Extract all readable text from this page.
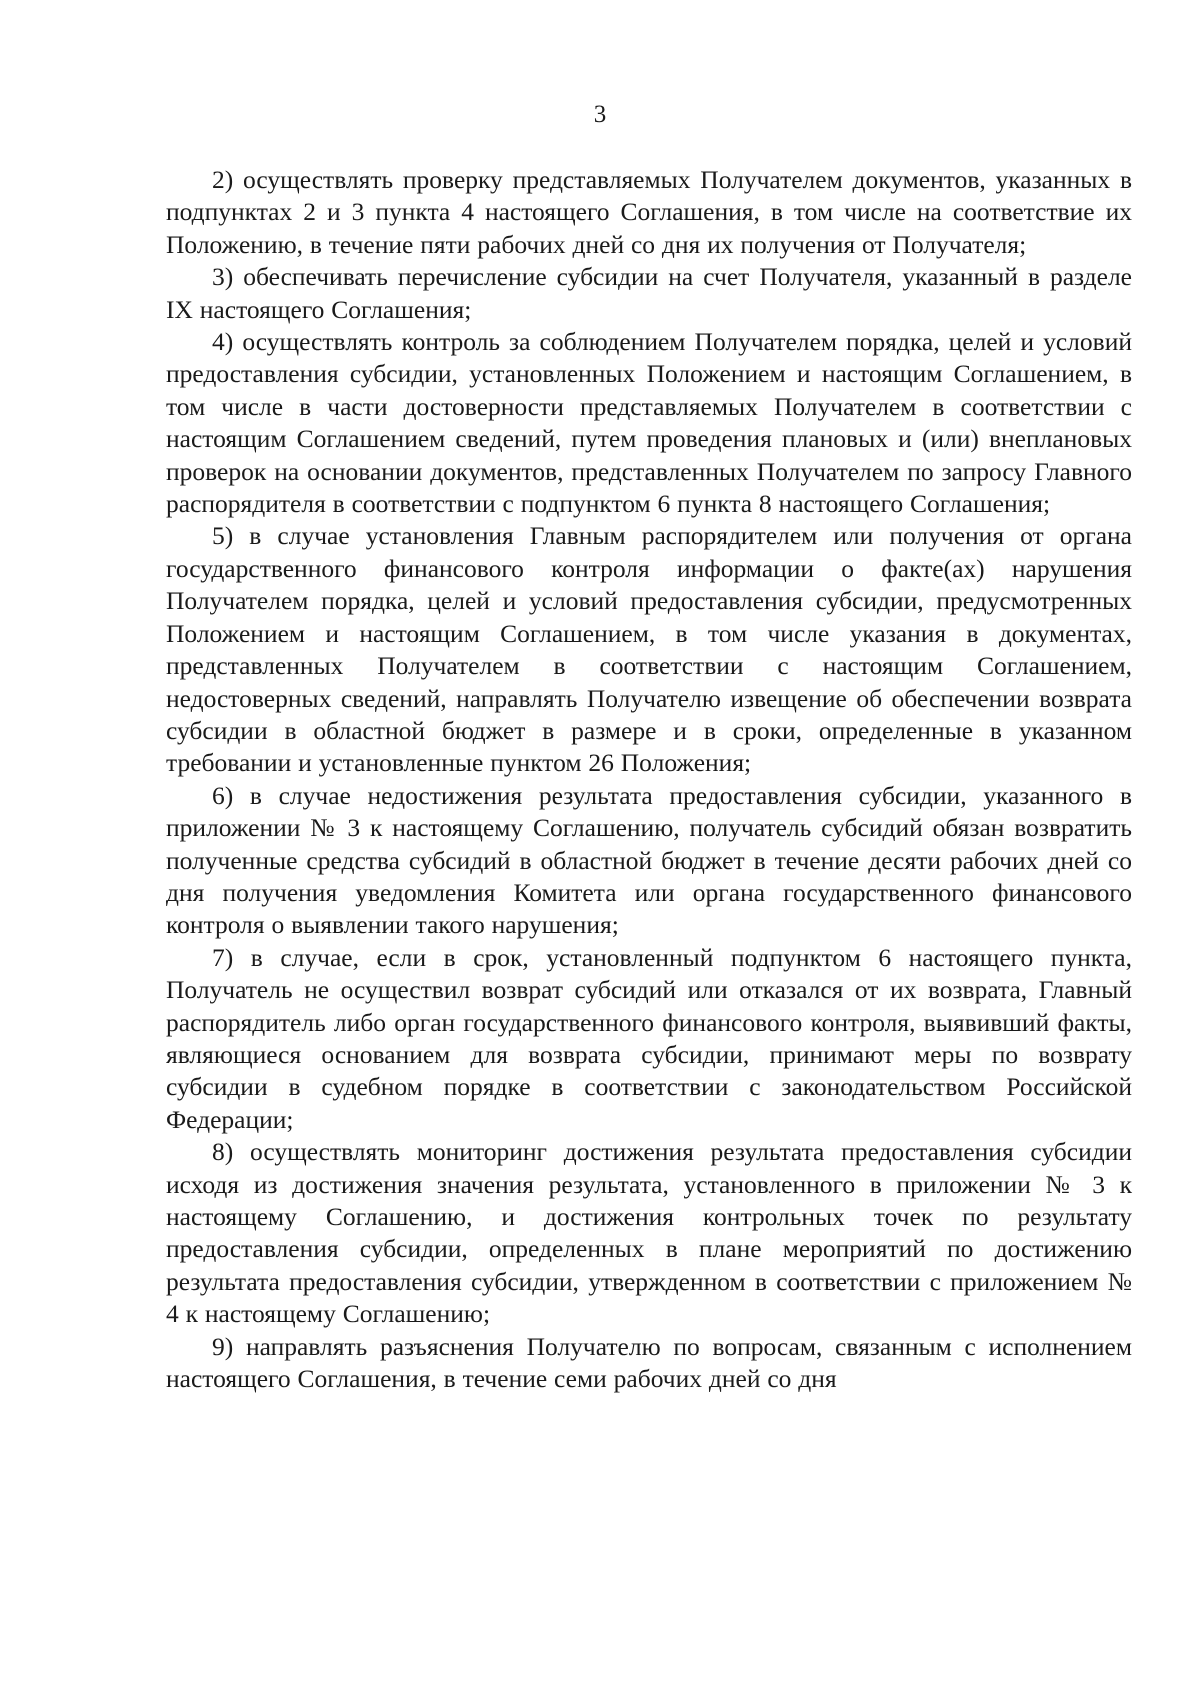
3

2) осуществлять проверку представляемых Получателем документов, указанных в подпунктах 2 и 3 пункта 4 настоящего Соглашения, в том числе на соответствие их Положению, в течение пяти рабочих дней со дня их получения от Получателя;

3) обеспечивать перечисление субсидии на счет Получателя, указанный в разделе IX настоящего Соглашения;

4) осуществлять контроль за соблюдением Получателем порядка, целей и условий предоставления субсидии, установленных Положением и настоящим Соглашением, в том числе в части достоверности представляемых Получателем в соответствии с настоящим Соглашением сведений, путем проведения плановых и (или) внеплановых проверок на основании документов, представленных Получателем по запросу Главного распорядителя в соответствии с подпунктом 6 пункта 8 настоящего Соглашения;

5) в случае установления Главным распорядителем или получения от органа государственного финансового контроля информации о факте(ах) нарушения Получателем порядка, целей и условий предоставления субсидии, предусмотренных Положением и настоящим Соглашением, в том числе указания в документах, представленных Получателем в соответствии с настоящим Соглашением, недостоверных сведений, направлять Получателю извещение об обеспечении возврата субсидии в областной бюджет в размере и в сроки, определенные в указанном требовании и установленные пунктом 26 Положения;

6) в случае недостижения результата предоставления субсидии, указанного в приложении № 3 к настоящему Соглашению, получатель субсидий обязан возвратить полученные средства субсидий в областной бюджет в течение десяти рабочих дней со дня получения уведомления Комитета или органа государственного финансового контроля о выявлении такого нарушения;

7) в случае, если в срок, установленный подпунктом 6 настоящего пункта, Получатель не осуществил возврат субсидий или отказался от их возврата, Главный распорядитель либо орган государственного финансового контроля, выявивший факты, являющиеся основанием для возврата субсидии, принимают меры по возврату субсидии в судебном порядке в соответствии с законодательством Российской Федерации;

8) осуществлять мониторинг достижения результата предоставления субсидии исходя из достижения значения результата, установленного в приложении № 3 к настоящему Соглашению, и достижения контрольных точек по результату предоставления субсидии, определенных в плане мероприятий по достижению результата предоставления субсидии, утвержденном в соответствии с приложением № 4 к настоящему Соглашению;

9) направлять разъяснения Получателю по вопросам, связанным с исполнением настоящего Соглашения, в течение семи рабочих дней со дня
